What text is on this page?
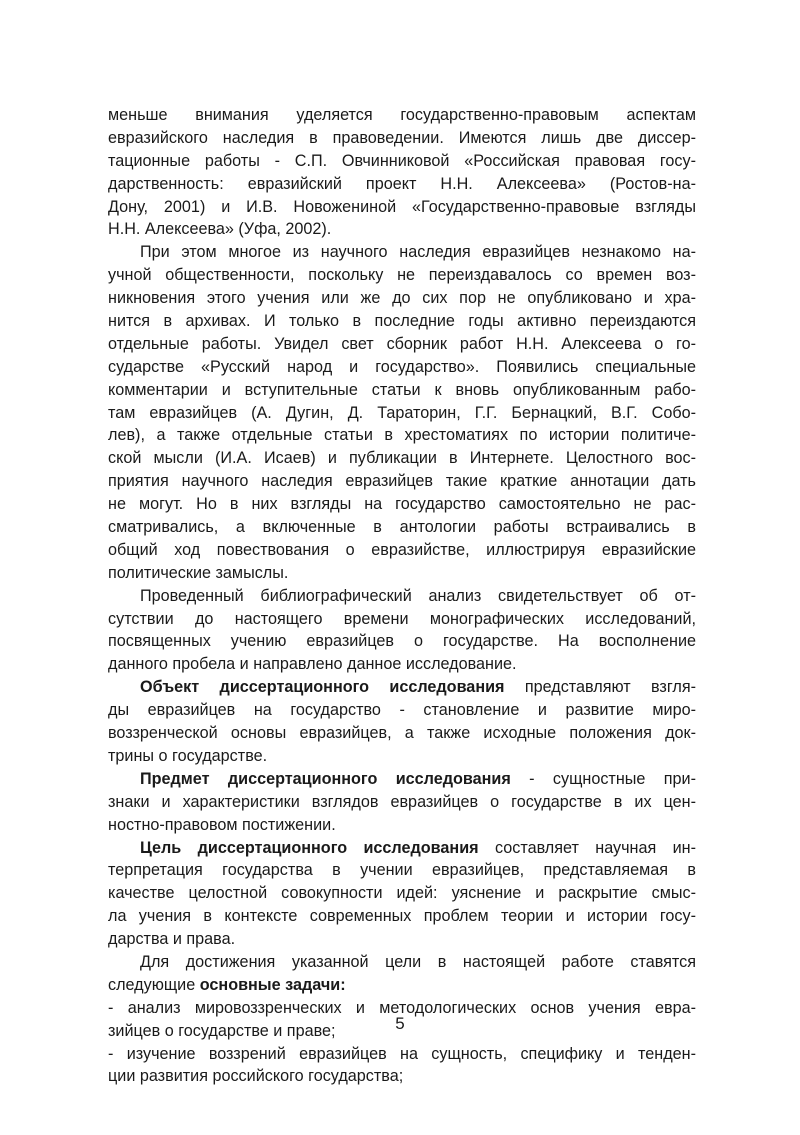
меньше внимания уделяется государственно-правовым аспектам
евразийского наследия в правоведении. Имеются лишь две диссер-
тационные работы - С.П. Овчинниковой «Российская правовая госу-
дарственность: евразийский проект Н.Н. Алексеева» (Ростов-на-
Дону, 2001) и И.В. Новожениной «Государственно-правовые взгляды
Н.Н. Алексеева» (Уфа, 2002).
При этом многое из научного наследия евразийцев незнакомо на-
учной общественности, поскольку не переиздавалось со времен воз-
никновения этого учения или же до сих пор не опубликовано и хра-
нится в архивах. И только в последние годы активно переиздаются
отдельные работы. Увидел свет сборник работ Н.Н. Алексеева о го-
сударстве «Русский народ и государство». Появились специальные
комментарии и вступительные статьи к вновь опубликованным рабо-
там евразийцев (А. Дугин, Д. Тараторин, Г.Г. Бернацкий, В.Г. Собо-
лев), а также отдельные статьи в хрестоматиях по истории политиче-
ской мысли (И.А. Исаев) и публикации в Интернете. Целостного вос-
приятия научного наследия евразийцев такие краткие аннотации дать
не могут. Но в них взгляды на государство самостоятельно не рас-
сматривались, а включенные в антологии работы встраивались в
общий ход повествования о евразийстве, иллюстрируя евразийские
политические замыслы.
Проведенный библиографический анализ свидетельствует об от-
сутствии до настоящего времени монографических исследований,
посвященных учению евразийцев о государстве. На восполнение
данного пробела и направлено данное исследование.
Объект диссертационного исследования представляют взгля-
ды евразийцев на государство - становление и развитие миро-
воззренческой основы евразийцев, а также исходные положения док-
трины о государстве.
Предмет диссертационного исследования - сущностные при-
знаки и характеристики взглядов евразийцев о государстве в их цен-
ностно-правовом постижении.
Цель диссертационного исследования составляет научная ин-
терпретация государства в учении евразийцев, представляемая в
качестве целостной совокупности идей: уяснение и раскрытие смыс-
ла учения в контексте современных проблем теории и истории госу-
дарства и права.
Для достижения указанной цели в настоящей работе ставятся
следующие основные задачи:
- анализ мировоззренческих и методологических основ учения евра-
зийцев о государстве и праве;
- изучение воззрений евразийцев на сущность, специфику и тенден-
ции развития российского государства;
5
